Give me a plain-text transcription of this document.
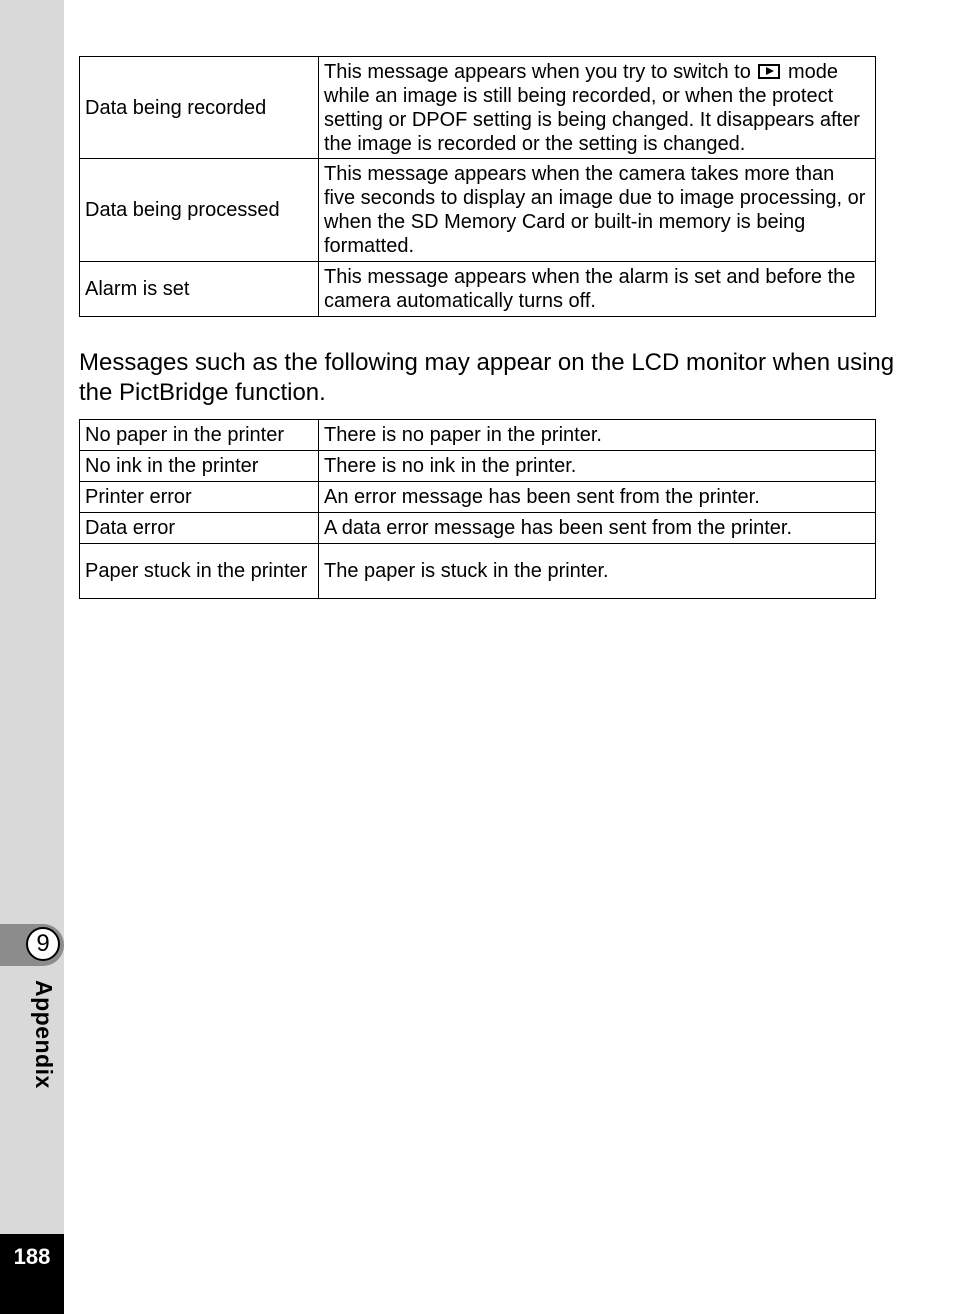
9
Appendix
188
Data being recorded	This message appears when you try to switch to  mode while an image is still being recorded, or when the protect setting or DPOF setting is being changed. It disappears after the image is recorded or the setting is changed.
Data being processed	This message appears when the camera takes more than five seconds to display an image due to image processing, or when the SD Memory Card or built-in memory is being formatted.
Alarm is set	This message appears when the alarm is set and before the camera automatically turns off.
Messages such as the following may appear on the LCD monitor when using the PictBridge function.
No paper in the printer	There is no paper in the printer.
No ink in the printer	There is no ink in the printer.
Printer error	An error message has been sent from the printer.
Data error	A data error message has been sent from the printer.
Paper stuck in the printer	The paper is stuck in the printer.
